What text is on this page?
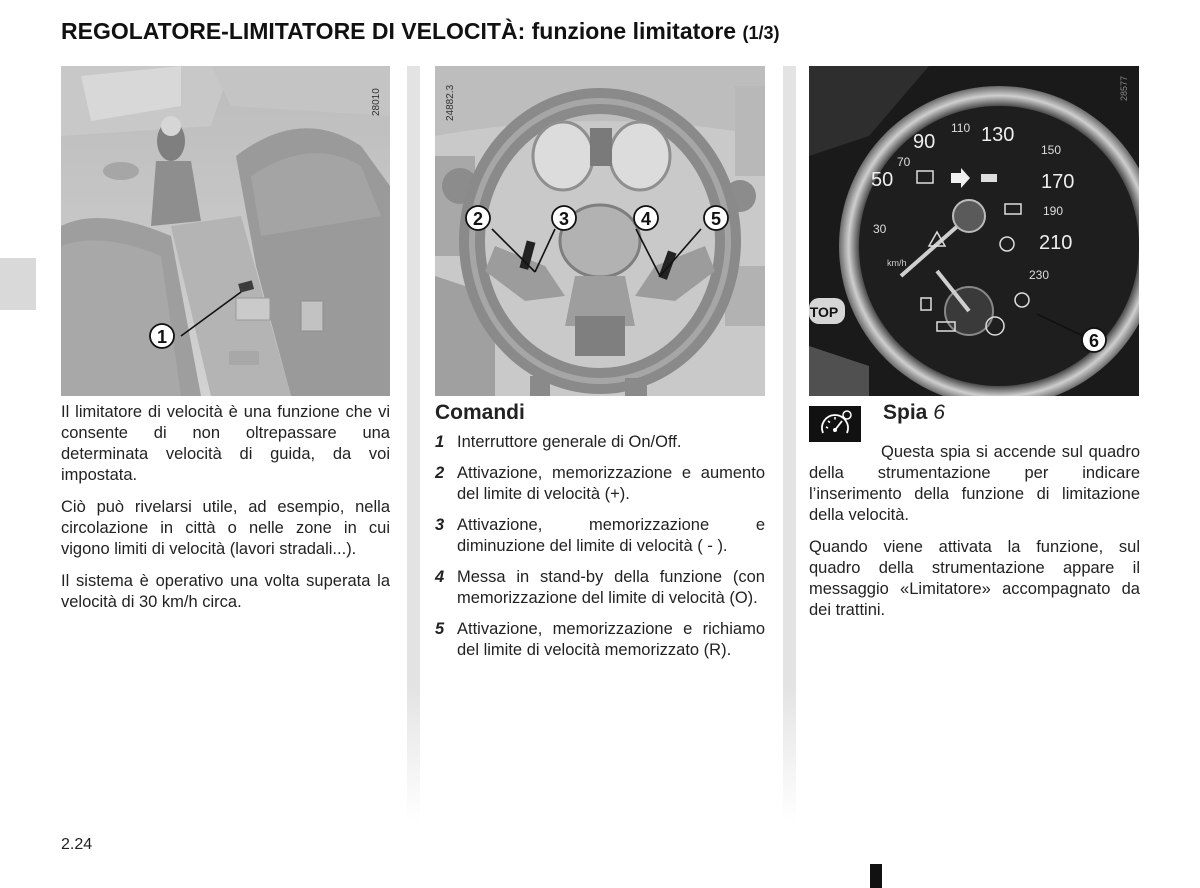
REGOLATORE-LIMITATORE DI VELOCITÀ: funzione limitatore (1/3)
28010
1
24882.3
2	3	4	5
TOP
50
90 130
170
210
30
70
110
150
190
230
km/h
28577
6

Il limitatore di velocità è una funzione che vi consente di non oltrepassare una determinata velocità di guida, da voi impostata.

Ciò può rivelarsi utile, ad esempio, nella circolazione in città o nelle zone in cui vigono limiti di velocità (lavori stradali...).

Il sistema è operativo una volta superata la velocità di 30 km/h circa.

Comandi
1 Interruttore generale di On/Off.
2 Attivazione, memorizzazione e aumento del limite di velocità (+).
3 Attivazione, memorizzazione e diminuzione del limite di velocità ( - ).
4 Messa in stand-by della funzione (con memorizzazione del limite di velocità (O).
5 Attivazione, memorizzazione e richiamo del limite di velocità memorizzato (R).
Spia 6

Questa spia si accende sul quadro della strumentazione per indicare l’inserimento della funzione di limitazione della velocità.

Quando viene attivata la funzione, sul quadro della strumentazione appare il messaggio «Limitatore» accompagnato da dei trattini.

2.24
